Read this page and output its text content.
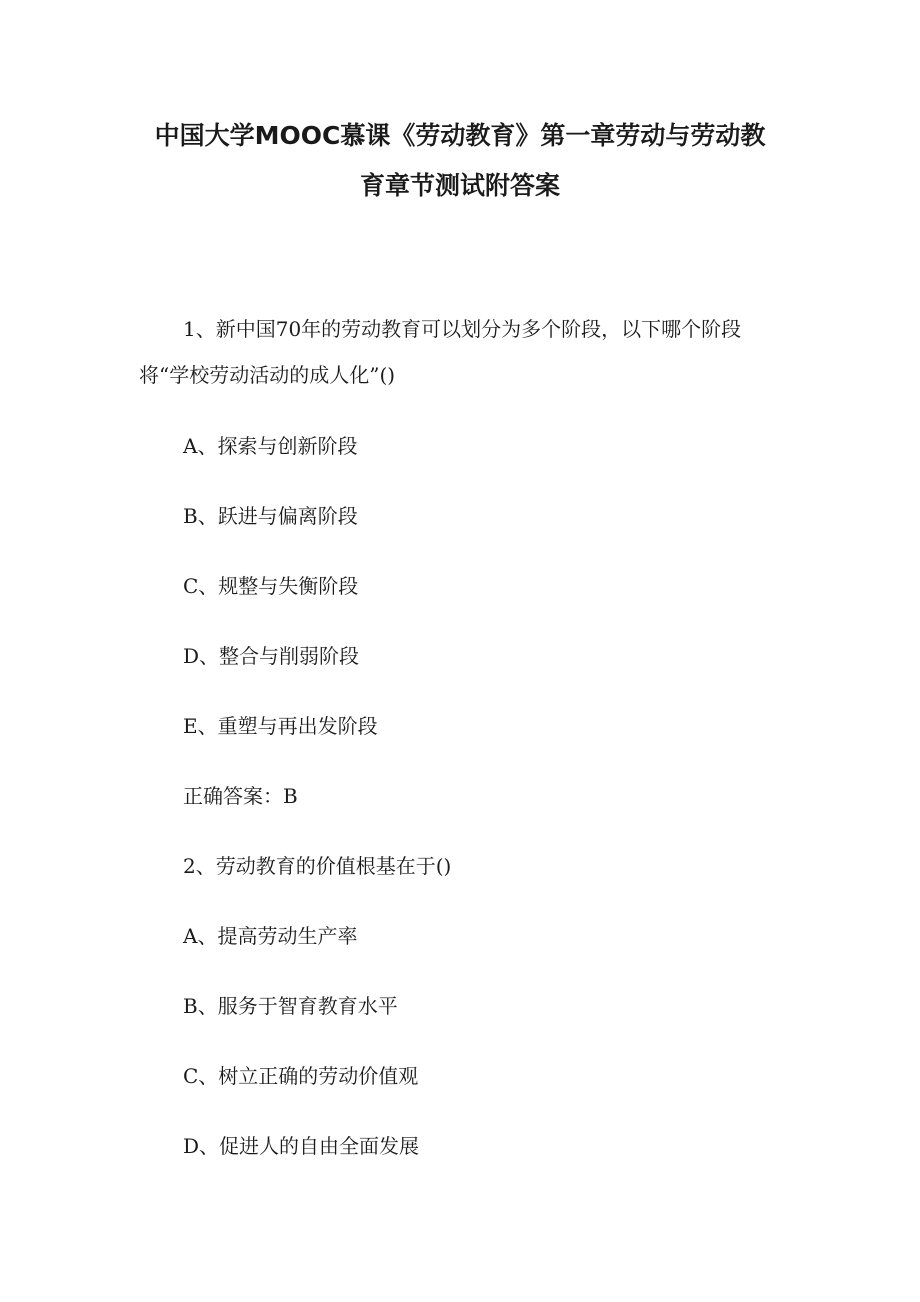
中国大学MOOC慕课《劳动教育》第一章劳动与劳动教
育章节测试附答案

1、新中国70年的劳动教育可以划分为多个阶段，以下哪个阶段

将“学校劳动活动的成人化”()

A、探索与创新阶段

B、跃进与偏离阶段

C、规整与失衡阶段

D、整合与削弱阶段

E、重塑与再出发阶段

正确答案：B

2、劳动教育的价值根基在于()

A、提高劳动生产率

B、服务于智育教育水平

C、树立正确的劳动价值观

D、促进人的自由全面发展
